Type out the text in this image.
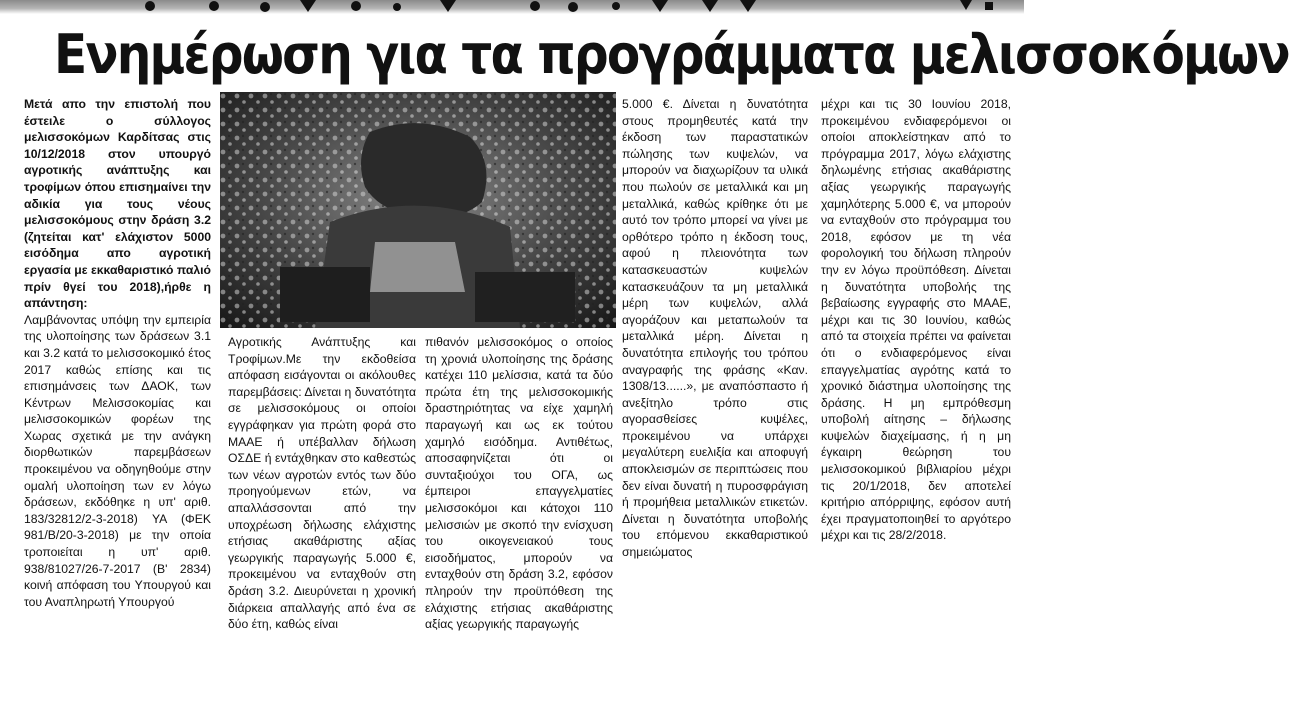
Ενημέρωση για τα προγράμματα μελισσοκόμων

Μετά απο την επιστολή που έστειλε ο σύλλογος μελισσοκόμων Καρδίτσας στις 10/12/2018 στον υπουργό αγροτικής ανάπτυξης και τροφίμων όπου επισημαίνει την αδικία για τους νέους μελισσοκόμους στην δράση 3.2 (ζητείται κατ' ελάχιστον 5000 εισόδημα απο αγροτική εργασία με εκκαθαριστικό παλιό πρίν θγεί του 2018),ήρθε η απάντηση:

Λαμβάνοντας υπόψη την εμπειρία της υλοποίησης των δράσεων 3.1 και 3.2 κατά το μελισσοκομικό έτος 2017 καθώς επίσης και τις επισημάνσεις των ΔΑΟΚ, των Κέντρων Μελισσοκομίας και μελισσοκομικών φορέων της Χωρας σχετικά με την ανάγκη διορθωτικών παρεμβάσεων προκειμένου να οδηγηθούμε στην ομαλή υλοποίηση των εν λόγω δράσεων, εκδόθηκε η υπ' αριθ. 183/32812/2-3-2018) ΥΑ (ΦΕΚ 981/Β/20-3-2018) με την οποία τροποιείται η υπ' αριθ. 938/81027/26-7-2017 (Β' 2834) κοινή απόφαση του Υπουργού και του Αναπληρωτή Υπουργού

Αγροτικής Ανάπτυξης και Τροφίμων.Με την εκδοθείσα απόφαση εισάγονται οι ακόλουθες παρεμβάσεις: Δίνεται η δυνατότητα σε μελισσοκόμους οι οποίοι εγγράφηκαν για πρώτη φορά στο ΜΑΑΕ ή υπέβαλλαν δήλωση ΟΣΔΕ ή εντάχθηκαν στο καθεστώς των νέων αγροτών εντός των δύο προηγούμενων ετών, να απαλλάσσονται από την υποχρέωση δήλωσης ελάχιστης ετήσιας ακαθάριστης αξίας γεωργικής παραγωγής 5.000 €, προκειμένου να ενταχθούν στη δράση 3.2. Διευρύνεται η χρονική διάρκεια απαλλαγής από ένα σε δύο έτη, καθώς είναι

πιθανόν μελισσοκόμος ο οποίος τη χρονιά υλοποίησης της δράσης κατέχει 110 μελίσσια, κατά τα δύο πρώτα έτη της μελισσοκομικής δραστηριότητας να είχε χαμηλή παραγωγή και ως εκ τούτου χαμηλό εισόδημα. Αντιθέτως, αποσαφηνίζεται ότι οι συνταξιούχοι του ΟΓΑ, ως έμπειροι επαγγελματίες μελισσοκόμοι και κάτοχοι 110 μελισσιών με σκοπό την ενίσχυση του οικογενειακού τους εισοδήματος, μπορούν να ενταχθούν στη δράση 3.2, εφόσον πληρούν την προϋπόθεση της ελάχιστης ετήσιας ακαθάριστης αξίας γεωργικής παραγωγής

5.000 €. Δίνεται η δυνατότητα στους προμηθευτές κατά την έκδοση των παραστατικών πώλησης των κυψελών, να μπορούν να διαχωρίζουν τα υλικά που πωλούν σε μεταλλικά και μη μεταλλικά, καθώς κρίθηκε ότι με αυτό τον τρόπο μπορεί να γίνει με ορθότερο τρόπο η έκδοση τους, αφού η πλειονότητα των κατασκευαστών κυψελών κατασκευάζουν τα μη μεταλλικά μέρη των κυψελών, αλλά αγοράζουν και μεταπωλούν τα μεταλλικά μέρη. Δίνεται η δυνατότητα επιλογής του τρόπου αναγραφής της φράσης «Καν. 1308/13......», με αναπόσπαστο ή ανεξίτηλο τρόπο στις αγορασθείσες κυψέλες, προκειμένου να υπάρχει μεγαλύτερη ευελιξία και αποφυγή αποκλεισμών σε περιπτώσεις που δεν είναι δυνατή η πυροσφράγιση ή προμήθεια μεταλλικών ετικετών. Δίνεται η δυνατότητα υποβολής του επόμενου εκκαθαριστικού σημειώματος

μέχρι και τις 30 Ιουνίου 2018, προκειμένου ενδιαφερόμενοι οι οποίοι αποκλείστηκαν από το πρόγραμμα 2017, λόγω ελάχιστης δηλωμένης ετήσιας ακαθάριστης αξίας γεωργικής παραγωγής χαμηλότερης 5.000 €, να μπορούν να ενταχθούν στο πρόγραμμα του 2018, εφόσον με τη νέα φορολογική του δήλωση πληρούν την εν λόγω προϋπόθεση. Δίνεται η δυνατότητα υποβολής της βεβαίωσης εγγραφής στο ΜΑΑΕ, μέχρι και τις 30 Ιουνίου, καθώς από τα στοιχεία πρέπει να φαίνεται ότι ο ενδιαφερόμενος είναι επαγγελματίας αγρότης κατά το χρονικό διάστημα υλοποίησης της δράσης. Η μη εμπρόθεσμη υποβολή αίτησης – δήλωσης κυψελών διαχείμασης, ή η μη έγκαιρη θεώρηση του μελισσοκομικού βιβλιαρίου μέχρι τις 20/1/2018, δεν αποτελεί κριτήριο απόρριψης, εφόσον αυτή έχει πραγματοποιηθεί το αργότερο μέχρι και τις 28/2/2018.
